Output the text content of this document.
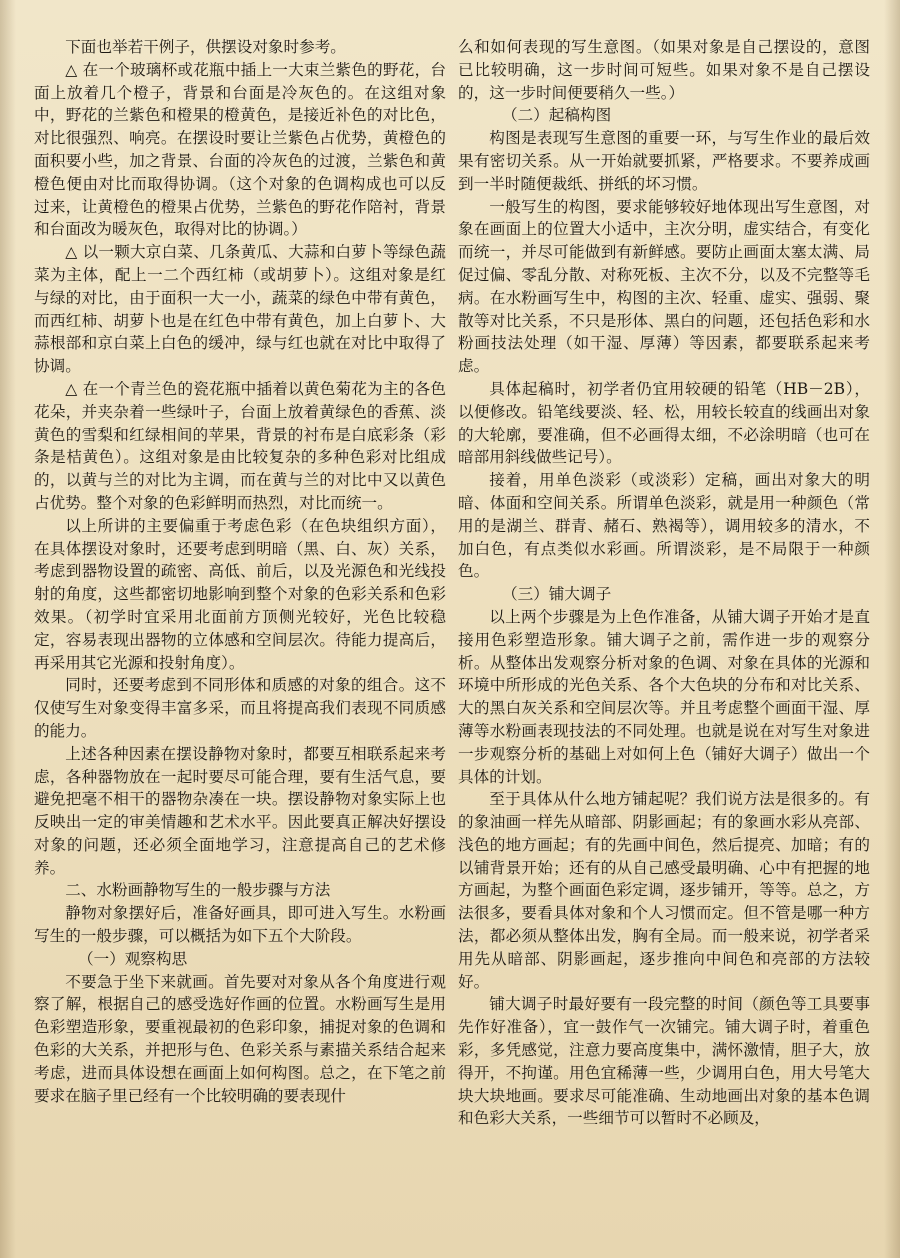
下面也举若干例子，供摆设对象时参考。

△ 在一个玻璃杯或花瓶中插上一大束兰紫色的野花，台面上放着几个橙子，背景和台面是冷灰色的。在这组对象中，野花的兰紫色和橙果的橙黄色，是接近补色的对比色，对比很强烈、响亮。在摆设时要让兰紫色占优势，黄橙色的面积要小些，加之背景、台面的冷灰色的过渡，兰紫色和黄橙色便由对比而取得协调。（这个对象的色调构成也可以反过来，让黄橙色的橙果占优势，兰紫色的野花作陪衬，背景和台面改为暖灰色，取得对比的协调。）

△ 以一颗大京白菜、几条黄瓜、大蒜和白萝卜等绿色蔬菜为主体，配上一二个西红柿（或胡萝卜）。这组对象是红与绿的对比，由于面积一大一小，蔬菜的绿色中带有黄色，而西红柿、胡萝卜也是在红色中带有黄色，加上白萝卜、大蒜根部和京白菜上白色的缓冲，绿与红也就在对比中取得了协调。

△ 在一个青兰色的瓷花瓶中插着以黄色菊花为主的各色花朵，并夹杂着一些绿叶子，台面上放着黄绿色的香蕉、淡黄色的雪梨和红绿相间的苹果，背景的衬布是白底彩条（彩条是桔黄色）。这组对象是由比较复杂的多种色彩对比组成的，以黄与兰的对比为主调，而在黄与兰的对比中又以黄色占优势。整个对象的色彩鲜明而热烈，对比而统一。

以上所讲的主要偏重于考虑色彩（在色块组织方面），在具体摆设对象时，还要考虑到明暗（黑、白、灰）关系，考虑到器物设置的疏密、高低、前后，以及光源色和光线投射的角度，这些都密切地影响到整个对象的色彩关系和色彩效果。（初学时宜采用北面前方顶侧光较好，光色比较稳定，容易表现出器物的立体感和空间层次。待能力提高后，再采用其它光源和投射角度）。

同时，还要考虑到不同形体和质感的对象的组合。这不仅使写生对象变得丰富多采，而且将提高我们表现不同质感的能力。

上述各种因素在摆设静物对象时，都要互相联系起来考虑，各种器物放在一起时要尽可能合理，要有生活气息，要避免把毫不相干的器物杂凑在一块。摆设静物对象实际上也反映出一定的审美情趣和艺术水平。因此要真正解决好摆设对象的问题，还必须全面地学习，注意提高自己的艺术修养。

二、水粉画静物写生的一般步骤与方法

静物对象摆好后，准备好画具，即可进入写生。水粉画写生的一般步骤，可以概括为如下五个大阶段。

（一）观察构思

不要急于坐下来就画。首先要对对象从各个角度进行观察了解，根据自己的感受选好作画的位置。水粉画写生是用色彩塑造形象，要重视最初的色彩印象，捕捉对象的色调和色彩的大关系，并把形与色、色彩关系与素描关系结合起来考虑，进而具体设想在画面上如何构图。总之，在下笔之前要求在脑子里已经有一个比较明确的要表现什

么和如何表现的写生意图。（如果对象是自己摆设的，意图已比较明确，这一步时间可短些。如果对象不是自己摆设的，这一步时间便要稍久一些。）

（二）起稿构图

构图是表现写生意图的重要一环，与写生作业的最后效果有密切关系。从一开始就要抓紧，严格要求。不要养成画到一半时随便裁纸、拼纸的坏习惯。

一般写生的构图，要求能够较好地体现出写生意图，对象在画面上的位置大小适中，主次分明，虚实结合，有变化而统一，并尽可能做到有新鲜感。要防止画面太塞太满、局促过偏、零乱分散、对称死板、主次不分，以及不完整等毛病。在水粉画写生中，构图的主次、轻重、虚实、强弱、聚散等对比关系，不只是形体、黑白的问题，还包括色彩和水粉画技法处理（如干湿、厚薄）等因素，都要联系起来考虑。

具体起稿时，初学者仍宜用较硬的铅笔（HB－2B），以便修改。铅笔线要淡、轻、松，用较长较直的线画出对象的大轮廓，要准确，但不必画得太细，不必涂明暗（也可在暗部用斜线做些记号）。

接着，用单色淡彩（或淡彩）定稿，画出对象大的明暗、体面和空间关系。所谓单色淡彩，就是用一种颜色（常用的是湖兰、群青、赭石、熟褐等），调用较多的清水，不加白色，有点类似水彩画。所谓淡彩，是不局限于一种颜色。

（三）铺大调子

以上两个步骤是为上色作准备，从铺大调子开始才是直接用色彩塑造形象。铺大调子之前，需作进一步的观察分析。从整体出发观察分析对象的色调、对象在具体的光源和环境中所形成的光色关系、各个大色块的分布和对比关系、大的黑白灰关系和空间层次等。并且考虑整个画面干湿、厚薄等水粉画表现技法的不同处理。也就是说在对写生对象进一步观察分析的基础上对如何上色（铺好大调子）做出一个具体的计划。

至于具体从什么地方铺起呢？我们说方法是很多的。有的象油画一样先从暗部、阴影画起；有的象画水彩从亮部、浅色的地方画起；有的先画中间色，然后提亮、加暗；有的以铺背景开始；还有的从自己感受最明确、心中有把握的地方画起，为整个画面色彩定调，逐步铺开，等等。总之，方法很多，要看具体对象和个人习惯而定。但不管是哪一种方法，都必须从整体出发，胸有全局。而一般来说，初学者采用先从暗部、阴影画起，逐步推向中间色和亮部的方法较好。

铺大调子时最好要有一段完整的时间（颜色等工具要事先作好准备），宜一鼓作气一次铺完。铺大调子时，着重色彩，多凭感觉，注意力要高度集中，满怀激情，胆子大，放得开，不拘谨。用色宜稀薄一些，少调用白色，用大号笔大块大块地画。要求尽可能准确、生动地画出对象的基本色调和色彩大关系，一些细节可以暂时不必顾及，
